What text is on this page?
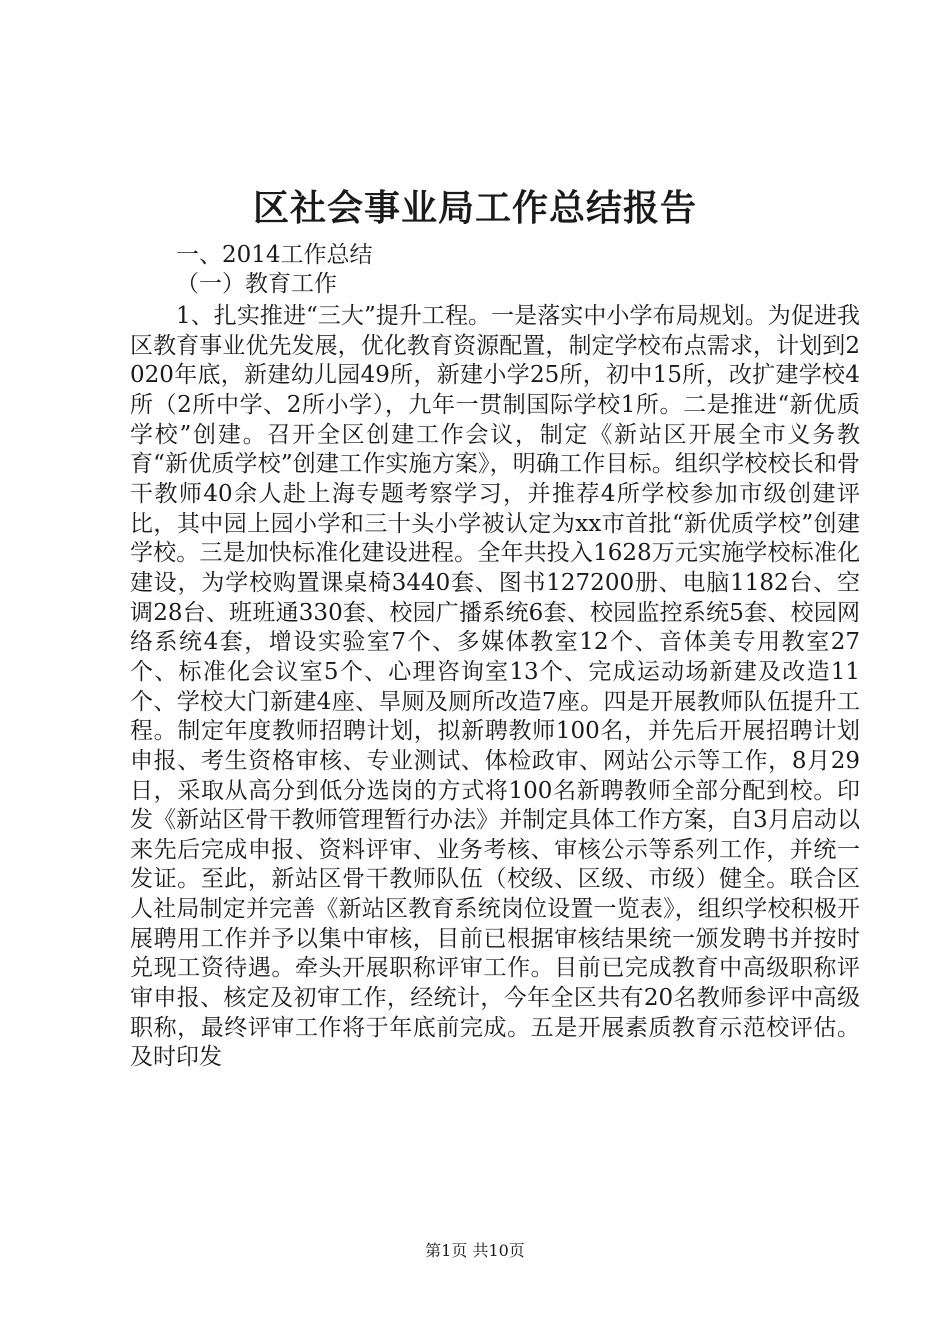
区社会事业局工作总结报告
一、2014工作总结
（一）教育工作

1、扎实推进“三大”提升工程。一是落实中小学布局规划。为促进我区教育事业优先发展，优化教育资源配置，制定学校布点需求，计划到2020年底，新建幼儿园49所，新建小学25所，初中15所，改扩建学校4所（2所中学、2所小学），九年一贯制国际学校1所。二是推进“新优质学校”创建。召开全区创建工作会议，制定《新站区开展全市义务教育“新优质学校”创建工作实施方案》，明确工作目标。组织学校校长和骨干教师40余人赴上海专题考察学习，并推荐4所学校参加市级创建评比，其中园上园小学和三十头小学被认定为xx市首批“新优质学校”创建学校。三是加快标准化建设进程。全年共投入1628万元实施学校标准化建设，为学校购置课桌椅3440套、图书127200册、电脑1182台、空调28台、班班通330套、校园广播系统6套、校园监控系统5套、校园网络系统4套，增设实验室7个、多媒体教室12个、音体美专用教室27个、标准化会议室5个、心理咨询室13个、完成运动场新建及改造11个、学校大门新建4座、旱厕及厕所改造7座。四是开展教师队伍提升工程。制定年度教师招聘计划，拟新聘教师100名，并先后开展招聘计划申报、考生资格审核、专业测试、体检政审、网站公示等工作，8月29日，采取从高分到低分选岗的方式将100名新聘教师全部分配到校。印发《新站区骨干教师管理暂行办法》并制定具体工作方案，自3月启动以来先后完成申报、资料评审、业务考核、审核公示等系列工作，并统一发证。至此，新站区骨干教师队伍（校级、区级、市级）健全。联合区人社局制定并完善《新站区教育系统岗位设置一览表》，组织学校积极开展聘用工作并予以集中审核，目前已根据审核结果统一颁发聘书并按时兑现工资待遇。牵头开展职称评审工作。目前已完成教育中高级职称评审申报、核定及初审工作，经统计，今年全区共有20名教师参评中高级职称，最终评审工作将于年底前完成。五是开展素质教育示范校评估。及时印发

第1页 共10页
